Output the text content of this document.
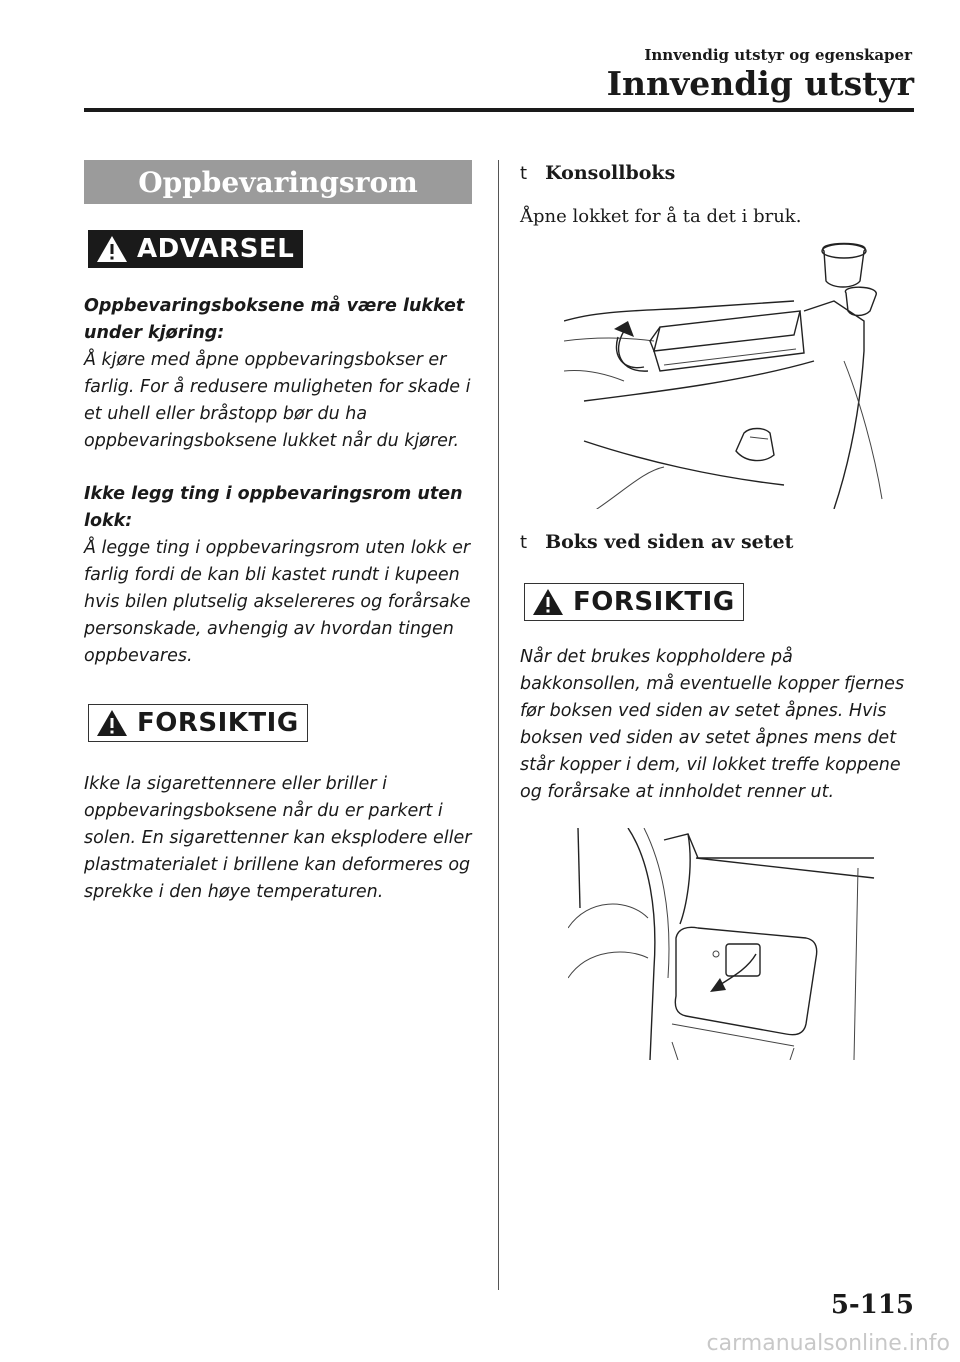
Innvendig utstyr og egenskaper
Innvendig utstyr
Oppbevaringsrom
ADVARSEL

Oppbevaringsboksene må være lukket under kjøring:

Å kjøre med åpne oppbevaringsbokser er farlig. For å redusere muligheten for skade i et uhell eller bråstopp bør du ha oppbevaringsboksene lukket når du kjører.

Ikke legg ting i oppbevaringsrom uten lokk:

Å legge ting i oppbevaringsrom uten lokk er farlig fordi de kan bli kastet rundt i kupeen hvis bilen plutselig akselereres og forårsake personskade, avhengig av hvordan tingen oppbevares.

FORSIKTIG

Ikke la sigarettennere eller briller i oppbevaringsboksene når du er parkert i solen. En sigarettenner kan eksplodere eller plastmaterialet i brillene kan deformeres og sprekke i den høye temperaturen.

t Konsollboks

Åpne lokket for å ta det i bruk.

t Boks ved siden av setet
FORSIKTIG

Når det brukes koppholdere på bakkonsollen, må eventuelle kopper fjernes før boksen ved siden av setet åpnes. Hvis boksen ved siden av setet åpnes mens det står kopper i dem, vil lokket treffe koppene og forårsake at innholdet renner ut.

5-115
carmanualsonline.info
